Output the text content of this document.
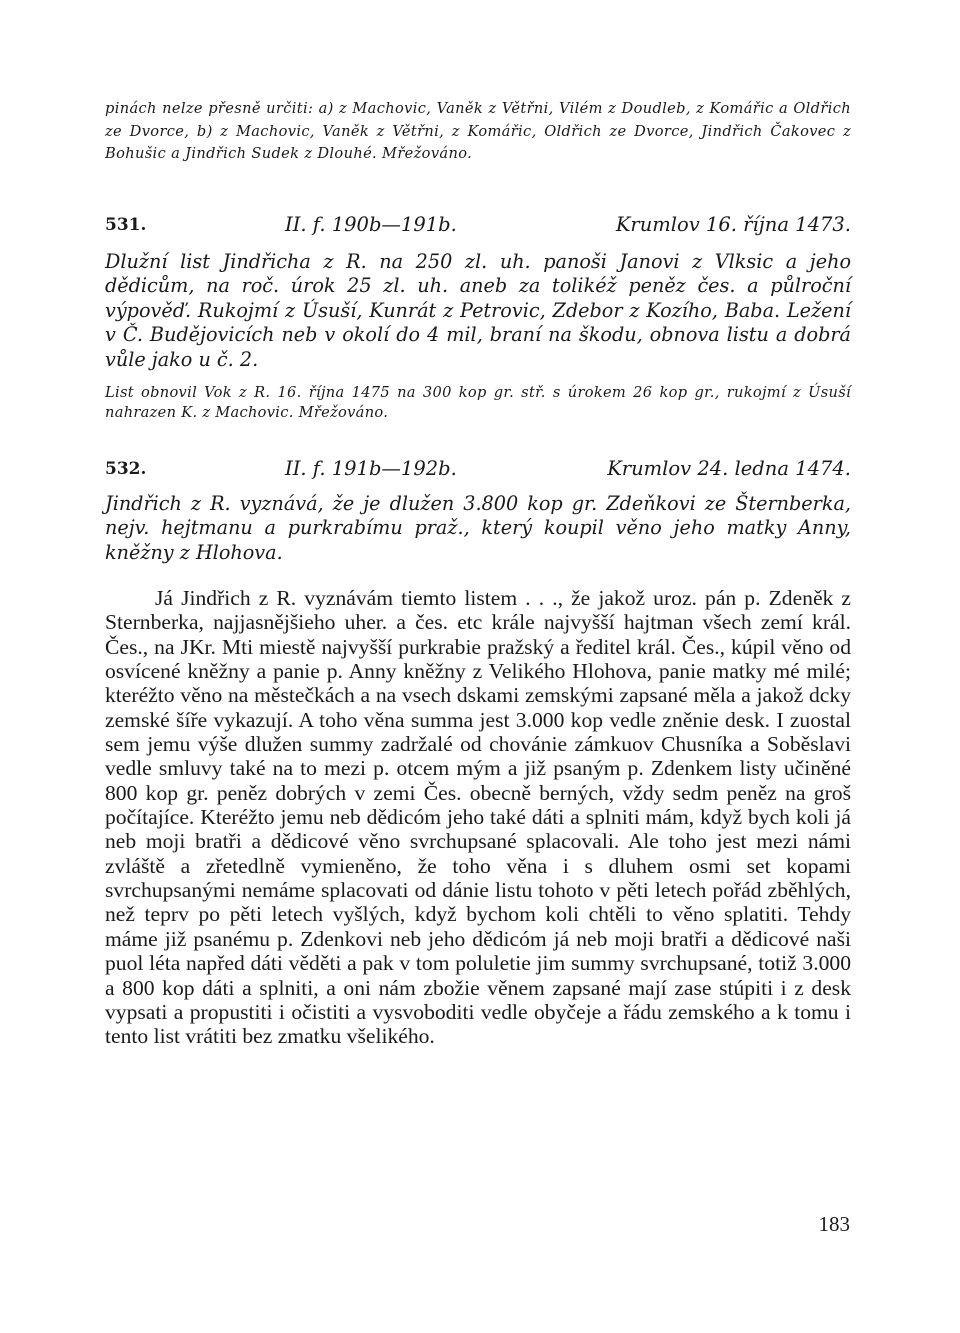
pinách nelze přesně určiti: a) z Machovic, Vaněk z Větřni, Vilém z Doudleb, z Komářic a Oldřich ze Dvorce, b) z Machovic, Vaněk z Větřni, z Komářic, Oldřich ze Dvorce, Jindřich Čakovec z Bohušic a Jindřich Sudek z Dlouhé. Mřežováno.

531.	II. f. 190b—191b.	Krumlov 16. října 1473.

Dlužní list Jindřicha z R. na 250 zl. uh. panoši Janovi z Vlksic a jeho dědicům, na roč. úrok 25 zl. uh. aneb za tolikéž peněz čes. a půlroční výpověď. Rukojmí z Úsuší, Kunrát z Petrovic, Zdebor z Kozího, Baba. Ležení v Č. Budějovicích neb v okolí do 4 mil, braní na škodu, obnova listu a dobrá vůle jako u č. 2.

List obnovil Vok z R. 16. října 1475 na 300 kop gr. stř. s úrokem 26 kop gr., rukojmí z Úsuší nahrazen K. z Machovic. Mřežováno.

532.	II. f. 191b—192b.	Krumlov 24. ledna 1474.

Jindřich z R. vyznává, že je dlužen 3.800 kop gr. Zdeňkovi ze Šternberka, nejv. hejtmanu a purkrabímu praž., který koupil věno jeho matky Anny, kněžny z Hlohova.

Já Jindřich z R. vyznávám tiemto listem . . ., že jakož uroz. pán p. Zdeněk z Sternberka, najjasnějšieho uher. a čes. etc krále najvyšší hajtman všech zemí král. Čes., na JKr. Mti miestě najvyšší purkrabie pražský a ředitel král. Čes., kúpil věno od osvícené kněžny a panie p. Anny kněžny z Velikého Hlohova, panie matky mé milé; kteréžto věno na městečkách a na vsech dskami zemskými zapsané měla a jakož dcky zemské šíře vykazují. A toho věna summa jest 3.000 kop vedle zněnie desk. I zuostal sem jemu výše dlužen summy zadržalé od chovánie zámkuov Chusníka a Soběslavi vedle smluvy také na to mezi p. otcem mým a již psaným p. Zdenkem listy učiněné 800 kop gr. peněz dobrých v zemi Čes. obecně berných, vždy sedm peněz na groš počítajíce. Kteréžto jemu neb dědicóm jeho také dáti a splniti mám, když bych koli já neb moji bratři a dědicové věno svrchupsané splacovali. Ale toho jest mezi námi zvláště a zřetedlně vymieněno, že toho věna i s dluhem osmi set kopami svrchupsanými nemáme splacovati od dánie listu tohoto v pěti letech pořád zběhlých, než teprv po pěti letech vyšlých, když bychom koli chtěli to věno splatiti. Tehdy máme již psanému p. Zdenkovi neb jeho dědicóm já neb moji bratři a dědicové naši puol léta napřed dáti věděti a pak v tom poluletie jim summy svrchupsané, totiž 3.000 a 800 kop dáti a splniti, a oni nám zbožie věnem zapsané mají zase stúpiti i z desk vypsati a propustiti i očistiti a vysvoboditi vedle obyčeje a řádu zemského a k tomu i tento list vrátiti bez zmatku všelikého.

183
